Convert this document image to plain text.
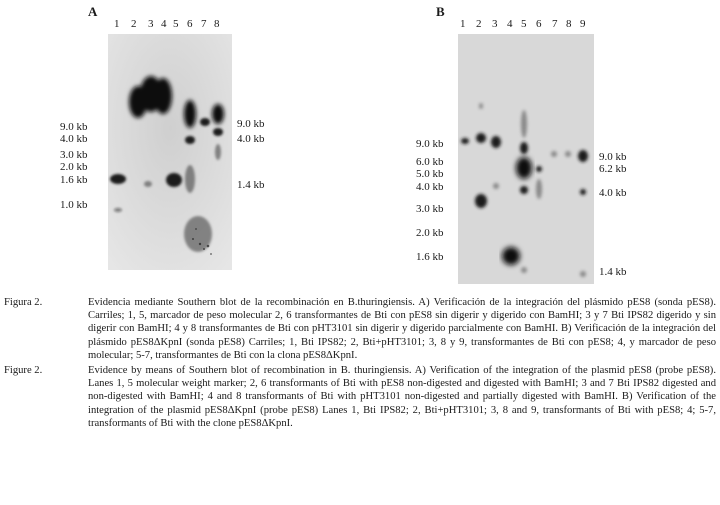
A
1 2 3 4 5 6 7 8
9.0 kb
4.0 kb
3.0 kb
2.0 kb
1.6 kb
1.0 kb
9.0 kb
4.0 kb
1.4 kb
B
1 2 3 4 5 6 7 8 9
9.0 kb
6.0 kb
5.0 kb
4.0 kb
3.0 kb
2.0 kb
1.6 kb
9.0 kb
6.2 kb
4.0 kb
1.4 kb

Figura 2.	Evidencia mediante Southern blot de la recombinación en B.thuringiensis. A) Verificación de la integración del plásmido pES8 (sonda pES8). Carriles; 1, 5, marcador de peso molecular 2, 6 transformantes de Bti con pES8 sin digerir y digerido con BamHI; 3 y 7 Bti IPS82 digerido y sin digerir con BamHI; 4 y 8 transformantes de Bti con pHT3101 sin digerir y digerido parcialmente con BamHI. B) Verificación de la integración del plásmido pES8ΔKpnI (sonda pES8) Carriles; 1, Bti IPS82; 2, Bti+pHT3101; 3, 8 y 9, transformantes de Bti con pES8; 4, y marcador de peso molecular; 5-7, transformantes de Bti con la clona pES8ΔKpnI.

Figure 2.	Evidence by means of Southern blot of recombination in B. thuringiensis. A) Verification of the integration of the plasmid pES8 (probe pES8). Lanes 1, 5 molecular weight marker; 2, 6 transformants of Bti with pES8 non-digested and digested with BamHI; 3 and 7 Bti IPS82 digested and non-digested with BamHI; 4 and 8 transformants of Bti with pHT3101 non-digested and partially digested with BamHI. B) Verification of the integration of the plasmid pES8ΔKpnI (probe pES8) Lanes 1, Bti IPS82; 2, Bti+pHT3101; 3, 8 and 9, transformants of Bti with pES8; 4; 5-7, transformants of Bti with the clone pES8ΔKpnI.
